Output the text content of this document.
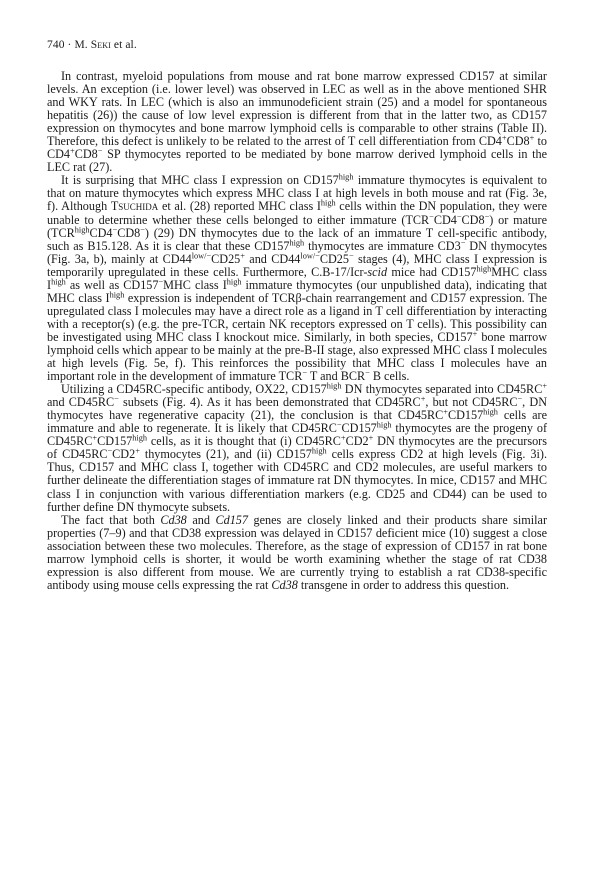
740 · M. Seki et al.

In contrast, myeloid populations from mouse and rat bone marrow expressed CD157 at similar levels. An exception (i.e. lower level) was observed in LEC as well as in the above mentioned SHR and WKY rats. In LEC (which is also an immunodeficient strain (25) and a model for spontaneous hepatitis (26)) the cause of low level expression is different from that in the latter two, as CD157 expression on thymocytes and bone marrow lymphoid cells is comparable to other strains (Table II). Therefore, this defect is unlikely to be related to the arrest of T cell differentiation from CD4+CD8+ to CD4+CD8− SP thymocytes reported to be mediated by bone marrow derived lymphoid cells in the LEC rat (27).

It is surprising that MHC class I expression on $CD157^{high}$ immature thymocytes is equivalent to that on mature thymocytes which express MHC class I at high levels in both mouse and rat (Fig. 3e, f). Although Tsuchida et al. (28) reported MHC class $I^{high}$ cells within the DN population, they were unable to determine whether these cells belonged to either immature (TCR−CD4−CD8−) or mature $(TCR^{high}CD4^-CD8^-)$ (29) DN thymocytes due to the lack of an immature T cell-specific antibody, such as B15.128. As it is clear that these $CD157^{high}$ thymocytes are immature CD3− DN thymocytes (Fig. 3a, b), mainly at $CD44^{low/-}CD25^+$ and $CD44^{low/-}CD25^-$ stages (4), MHC class I expression is temporarily upregulated in these cells. Furthermore, C.B-17/Icr-scid mice had $CD157^{high}MHC$ class $I^{high}$ as well as CD157−MHC class $I^{high}$ immature thymocytes (our unpublished data), indicating that MHC class $I^{high}$ expression is independent of TCRβ-chain rearrangement and CD157 expression. The upregulated class I molecules may have a direct role as a ligand in T cell differentiation by interacting with a receptor(s) (e.g. the pre-TCR, certain NK receptors expressed on T cells). This possibility can be investigated using MHC class I knockout mice. Similarly, in both species, CD157+ bone marrow lymphoid cells which appear to be mainly at the pre-B-II stage, also expressed MHC class I molecules at high levels (Fig. 5e, f). This reinforces the possibility that MHC class I molecules have an important role in the development of immature TCR− T and BCR− B cells.

Utilizing a CD45RC-specific antibody, OX22, $CD157^{high}$ DN thymocytes separated into CD45RC+ and CD45RC− subsets (Fig. 4). As it has been demonstrated that CD45RC+, but not CD45RC−, DN thymocytes have regenerative capacity (21), the conclusion is that $CD45RC^+CD157^{high}$ cells are immature and able to regenerate. It is likely that $CD45RC^-CD157^{high}$ thymocytes are the progeny of $CD45RC^+CD157^{high}$ cells, as it is thought that (i) CD45RC+CD2+ DN thymocytes are the precursors of CD45RC−CD2+ thymocytes (21), and (ii) $CD157^{high}$ cells express CD2 at high levels (Fig. 3i). Thus, CD157 and MHC class I, together with CD45RC and CD2 molecules, are useful markers to further delineate the differentiation stages of immature rat DN thymocytes. In mice, CD157 and MHC class I in conjunction with various differentiation markers (e.g. CD25 and CD44) can be used to further define DN thymocyte subsets.

The fact that both Cd38 and Cd157 genes are closely linked and their products share similar properties (7–9) and that CD38 expression was delayed in CD157 deficient mice (10) suggest a close association between these two molecules. Therefore, as the stage of expression of CD157 in rat bone marrow lymphoid cells is shorter, it would be worth examining whether the stage of rat CD38 expression is also different from mouse. We are currently trying to establish a rat CD38-specific antibody using mouse cells expressing the rat Cd38 transgene in order to address this question.
